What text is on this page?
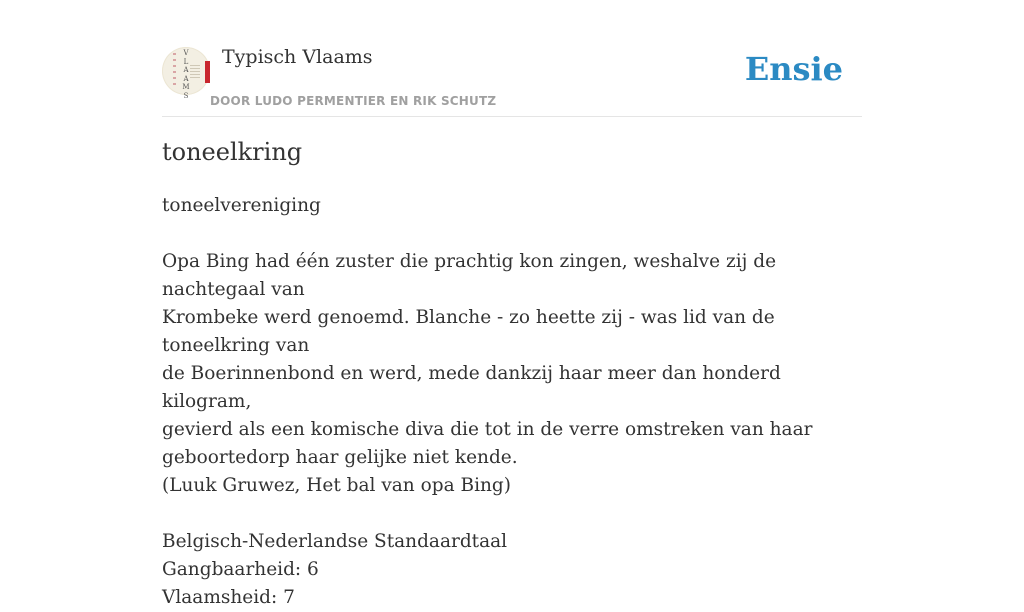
V
L
A
A
M
S
Typisch Vlaams
DOOR LUDO PERMENTIER EN RIK SCHUTZ
Ensie
toneelkring

toneelvereniging

Opa Bing had één zuster die prachtig kon zingen, weshalve zij de nachtegaal van

Krombeke werd genoemd. Blanche - zo heette zij - was lid van de toneelkring van

de Boerinnenbond en werd, mede dankzij haar meer dan honderd kilogram,

gevierd als een komische diva die tot in de verre omstreken van haar

geboortedorp haar gelijke niet kende.

(Luuk Gruwez, Het bal van opa Bing)

Belgisch-Nederlandse Standaardtaal

Gangbaarheid: 6

Vlaamsheid: 7
